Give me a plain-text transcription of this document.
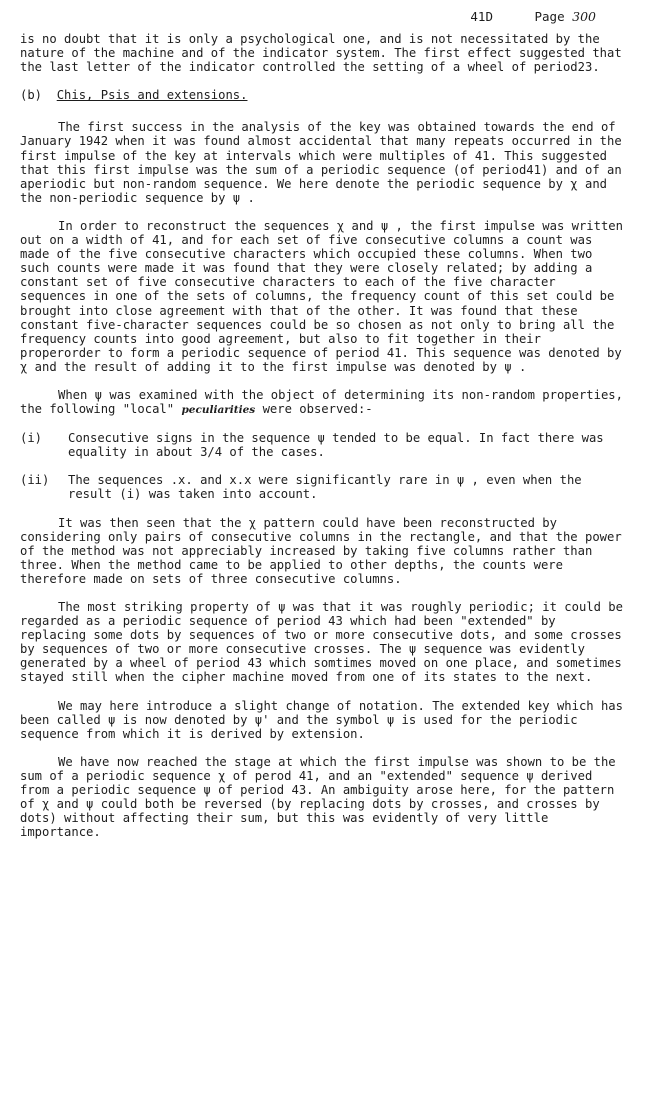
41D	Page 300

is no doubt that it is only a psychological one, and is not necessitated by the nature of the machine and of the indicator system. The first effect suggested that the last letter of the indicator controlled the setting of a wheel of period23.

(b) Chis, Psis and extensions.

The first success in the analysis of the key was obtained towards the end of January 1942 when it was found almost accidental that many repeats occurred in the first impulse of the key at intervals which were multiples of 41. This suggested that this first impulse was the sum of a periodic sequence (of period41) and of an aperiodic but non-random sequence. We here denote the periodic sequence by χ and the non-periodic sequence by ψ .

In order to reconstruct the sequences χ and ψ , the first impulse was written out on a width of 41, and for each set of five consecutive columns a count was made of the five consecutive characters which occupied these columns. When two such counts were made it was found that they were closely related; by adding a constant set of five consecutive characters to each of the five character sequences in one of the sets of columns, the frequency count of this set could be brought into close agreement with that of the other. It was found that these constant five-character sequences could be so chosen as not only to bring all the frequency counts into good agreement, but also to fit together in their properorder to form a periodic sequence of period 41. This sequence was denoted by χ and the result of adding it to the first impulse was denoted by ψ .

When ψ was examined with the object of determining its non-random properties, the following "local" peculiarities were observed:-

(i)	Consecutive signs in the sequence ψ tended to be equal. In fact there was equality in about 3/4 of the cases.
(ii)	The sequences .x. and x.x were significantly rare in ψ , even when the result (i) was taken into account.

It was then seen that the χ pattern could have been reconstructed by considering only pairs of consecutive columns in the rectangle, and that the power of the method was not appreciably increased by taking five columns rather than three. When the method came to be applied to other depths, the counts were therefore made on sets of three consecutive columns.

The most striking property of ψ was that it was roughly periodic; it could be regarded as a periodic sequence of period 43 which had been "extended" by replacing some dots by sequences of two or more consecutive dots, and some crosses by sequences of two or more consecutive crosses. The ψ sequence was evidently generated by a wheel of period 43 which somtimes moved on one place, and sometimes stayed still when the cipher machine moved from one of its states to the next.

We may here introduce a slight change of notation. The extended key which has been called ψ is now denoted by ψ' and the symbol ψ is used for the periodic sequence from which it is derived by extension.

We have now reached the stage at which the first impulse was shown to be the sum of a periodic sequence χ of perod 41, and an "extended" sequence ψ derived from a periodic sequence ψ of period 43. An ambiguity arose here, for the pattern of χ and ψ could both be reversed (by replacing dots by crosses, and crosses by dots) without affecting their sum, but this was evidently of very little importance.
